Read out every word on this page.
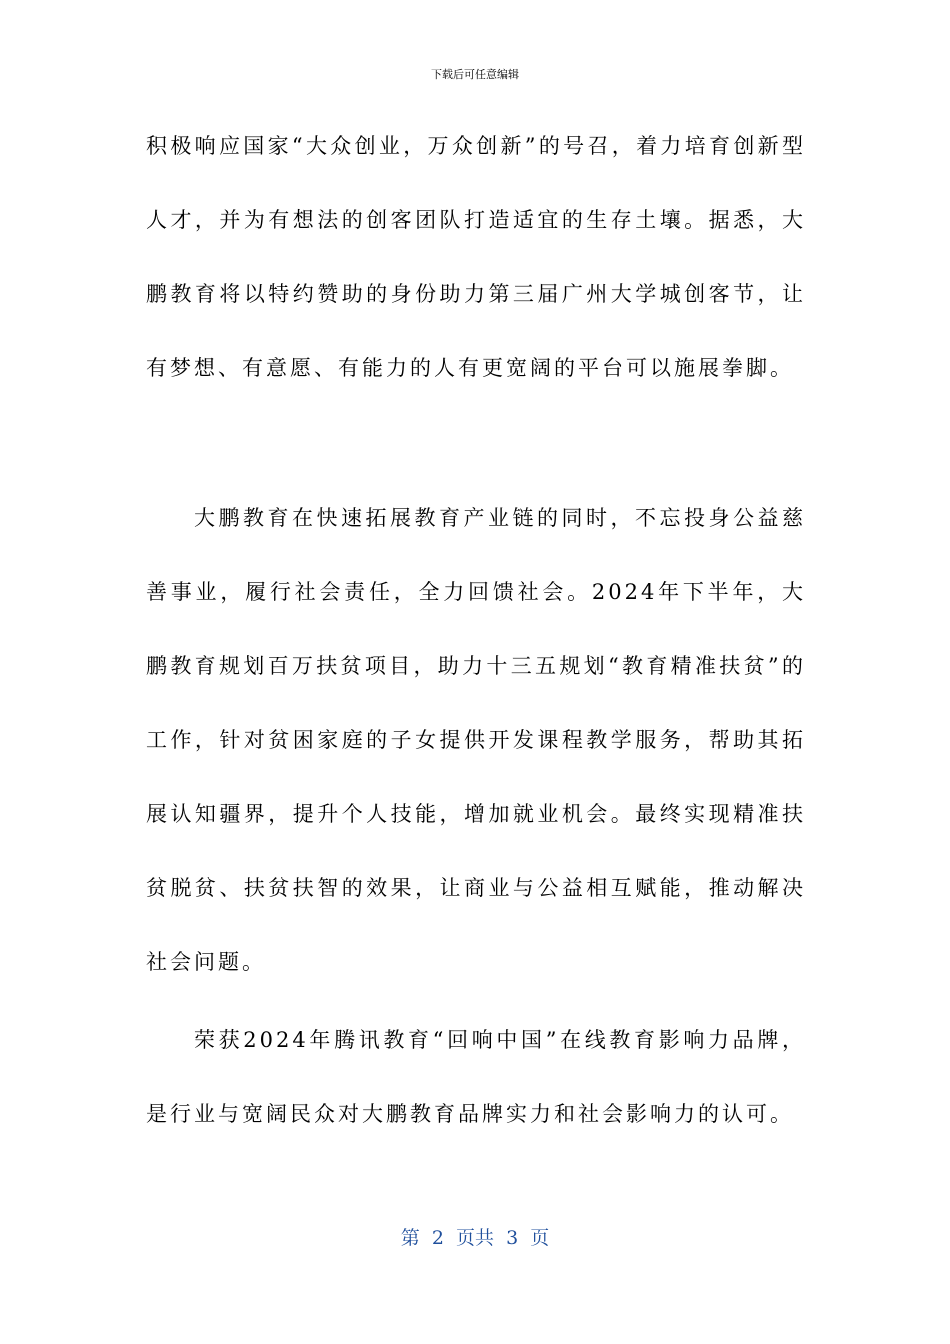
下载后可任意编辑

积极响应国家“大众创业，万众创新”的号召，着力培育创新型人才，并为有想法的创客团队打造适宜的生存土壤。据悉，大鹏教育将以特约赞助的身份助力第三届广州大学城创客节，让有梦想、有意愿、有能力的人有更宽阔的平台可以施展拳脚。

大鹏教育在快速拓展教育产业链的同时，不忘投身公益慈善事业，履行社会责任，全力回馈社会。2024年下半年，大鹏教育规划百万扶贫项目，助力十三五规划“教育精准扶贫”的工作，针对贫困家庭的子女提供开发课程教学服务，帮助其拓展认知疆界，提升个人技能，增加就业机会。最终实现精准扶贫脱贫、扶贫扶智的效果，让商业与公益相互赋能，推动解决社会问题。

荣获2024年腾讯教育“回响中国”在线教育影响力品牌，是行业与宽阔民众对大鹏教育品牌实力和社会影响力的认可。

第  2  页共  3  页
